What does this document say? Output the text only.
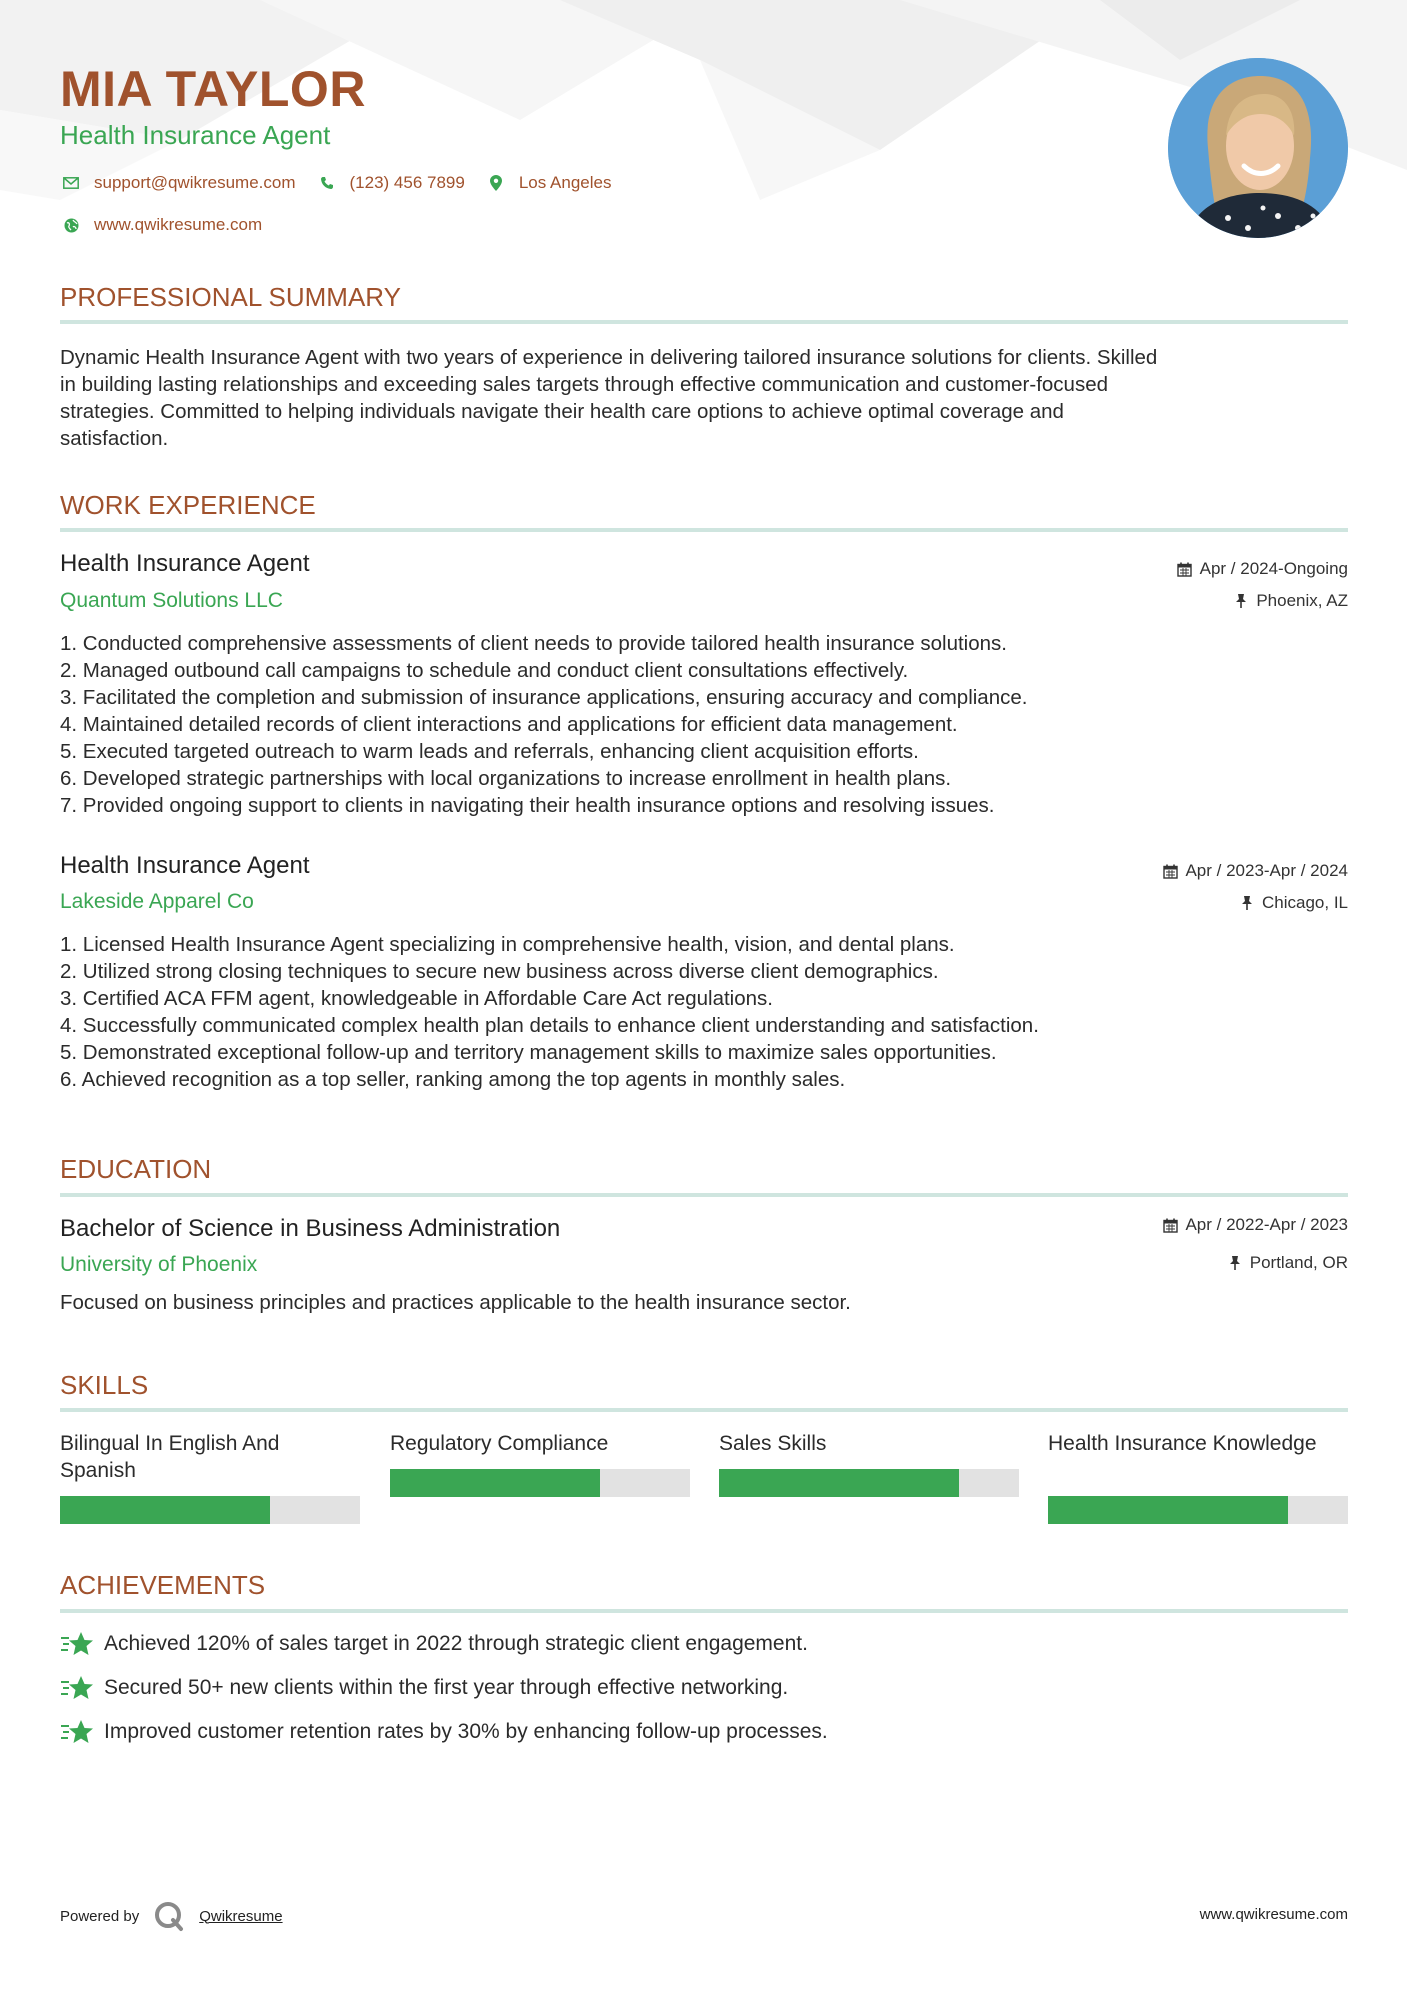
MIA TAYLOR
Health Insurance Agent
support@qwikresume.com	(123) 456 7899	Los Angeles
www.qwikresume.com
PROFESSIONAL SUMMARY
Dynamic Health Insurance Agent with two years of experience in delivering tailored insurance solutions for clients. Skilled
in building lasting relationships and exceeding sales targets through effective communication and customer-focused
strategies. Committed to helping individuals navigate their health care options to achieve optimal coverage and
satisfaction.
WORK EXPERIENCE
Health Insurance Agent
Quantum Solutions LLC
Apr / 2024-Ongoing
Phoenix, AZ
1. Conducted comprehensive assessments of client needs to provide tailored health insurance solutions.
2. Managed outbound call campaigns to schedule and conduct client consultations effectively.
3. Facilitated the completion and submission of insurance applications, ensuring accuracy and compliance.
4. Maintained detailed records of client interactions and applications for efficient data management.
5. Executed targeted outreach to warm leads and referrals, enhancing client acquisition efforts.
6. Developed strategic partnerships with local organizations to increase enrollment in health plans.
7. Provided ongoing support to clients in navigating their health insurance options and resolving issues.
Health Insurance Agent
Lakeside Apparel Co
Apr / 2023-Apr / 2024
Chicago, IL
1. Licensed Health Insurance Agent specializing in comprehensive health, vision, and dental plans.
2. Utilized strong closing techniques to secure new business across diverse client demographics.
3. Certified ACA FFM agent, knowledgeable in Affordable Care Act regulations.
4. Successfully communicated complex health plan details to enhance client understanding and satisfaction.
5. Demonstrated exceptional follow-up and territory management skills to maximize sales opportunities.
6. Achieved recognition as a top seller, ranking among the top agents in monthly sales.
EDUCATION
Bachelor of Science in Business Administration
University of Phoenix
Apr / 2022-Apr / 2023
Portland, OR
Focused on business principles and practices applicable to the health insurance sector.
SKILLS
Bilingual In English And Spanish
Regulatory Compliance	Sales Skills	Health Insurance Knowledge
ACHIEVEMENTS
Achieved 120% of sales target in 2022 through strategic client engagement.
Secured 50+ new clients within the first year through effective networking.
Improved customer retention rates by 30% by enhancing follow-up processes.
Powered by	Qwikresume	www.qwikresume.com
